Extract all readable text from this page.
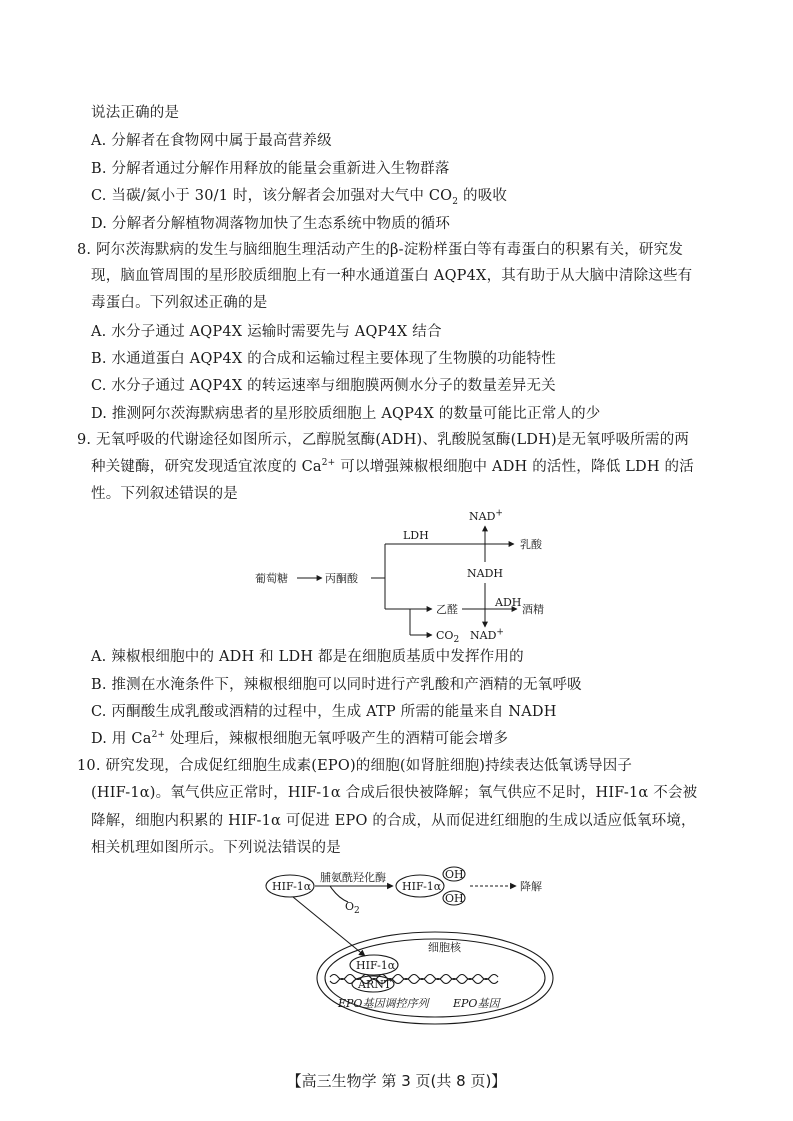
说法正确的是
A. 分解者在食物网中属于最高营养级
B. 分解者通过分解作用释放的能量会重新进入生物群落
C. 当碳/氮小于 30/1 时，该分解者会加强对大气中 $CO_2$ 的吸收
D. 分解者分解植物凋落物加快了生态系统中物质的循环
8. 阿尔茨海默病的发生与脑细胞生理活动产生的β-淀粉样蛋白等有毒蛋白的积累有关，研究发
现，脑血管周围的星形胶质细胞上有一种水通道蛋白 AQP4X，其有助于从大脑中清除这些有
毒蛋白。下列叙述正确的是
A. 水分子通过 AQP4X 运输时需要先与 AQP4X 结合
B. 水通道蛋白 AQP4X 的合成和运输过程主要体现了生物膜的功能特性
C. 水分子通过 AQP4X 的转运速率与细胞膜两侧水分子的数量差异无关
D. 推测阿尔茨海默病患者的星形胶质细胞上 AQP4X 的数量可能比正常人的少
9. 无氧呼吸的代谢途径如图所示，乙醇脱氢酶(ADH)、乳酸脱氢酶(LDH)是无氧呼吸所需的两
种关键酶，研究发现适宜浓度的 $Ca^{2+}$ 可以增强辣椒根细胞中 ADH 的活性，降低 LDH 的活
性。下列叙述错误的是
葡萄糖	丙酮酸
LDH
NAD+
乳酸
NADH
乙醛
ADH
酒精
$CO_2$ NAD+
A. 辣椒根细胞中的 ADH 和 LDH 都是在细胞质基质中发挥作用的
B. 推测在水淹条件下，辣椒根细胞可以同时进行产乳酸和产酒精的无氧呼吸
C. 丙酮酸生成乳酸或酒精的过程中，生成 ATP 所需的能量来自 NADH
D. 用 $Ca^{2+}$ 处理后，辣椒根细胞无氧呼吸产生的酒精可能会增多
10. 研究发现，合成促红细胞生成素(EPO)的细胞(如肾脏细胞)持续表达低氧诱导因子
(HIF-1α)。氧气供应正常时，HIF-1α 合成后很快被降解；氧气供应不足时，HIF-1α 不会被
降解，细胞内积累的 HIF-1α 可促进 EPO 的合成，从而促进红细胞的生成以适应低氧环境，
相关机理如图所示。下列说法错误的是
HIF-1α
脯氨酰羟化酶
$O_2$
HIF-1α
OH
OH
降解
细胞核
HIF-1α
ARNT
EPO基因调控序列 EPO基因
【高三生物学 第 3 页(共 8 页)】
